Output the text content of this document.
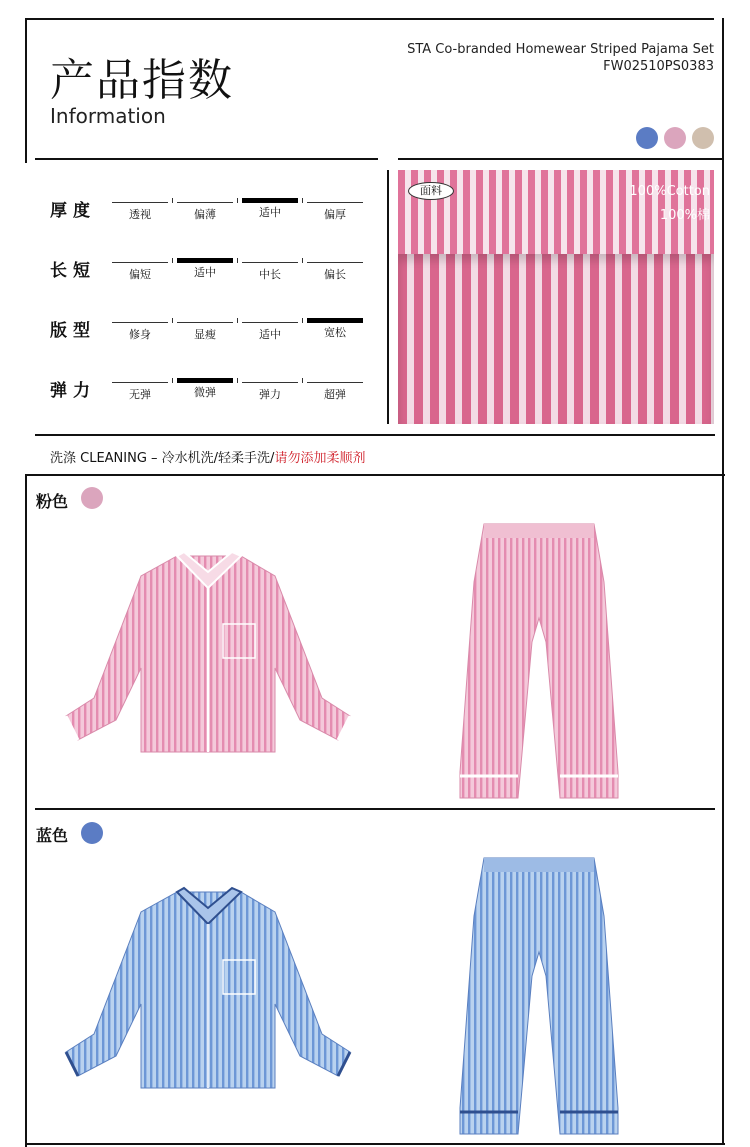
产品指数
Information
STA Co-branded Homewear Striped Pajama Set
FW02510PS0383
厚度	透视	偏薄	适中	偏厚
长短	偏短	适中	中长	偏长
版型	修身	显瘦	适中	宽松
弹力	无弹	微弹	弹力	超弹
面料	100%Cotton
100%棉
洗涤 CLEANING – 冷水机洗/轻柔手洗/请勿添加柔顺剂
粉色
蓝色
